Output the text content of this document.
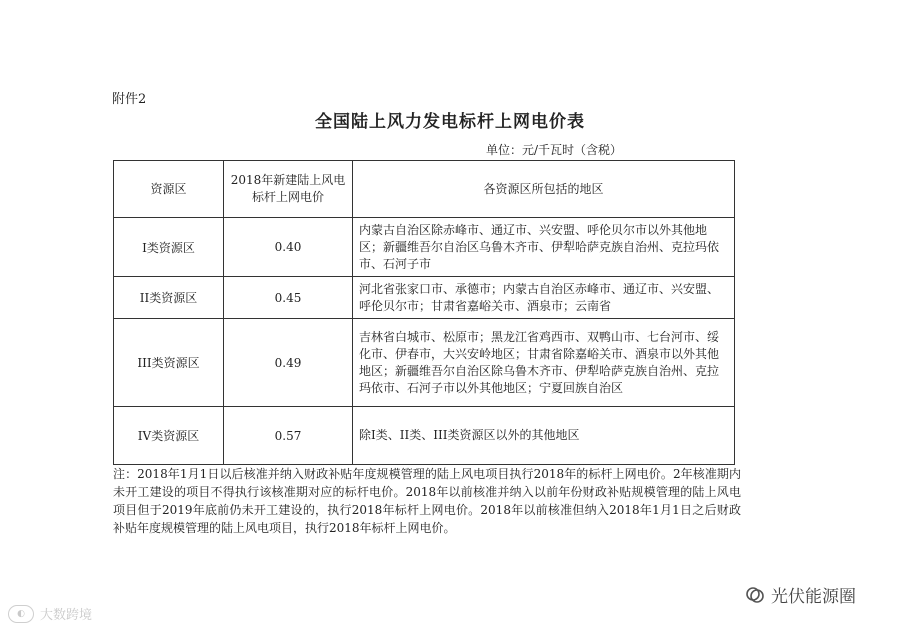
附件2
全国陆上风力发电标杆上网电价表
单位：元/千瓦时（含税）
资源区	2018年新建陆上风电标杆上网电价	各资源区所包括的地区
I类资源区	0.40	内蒙古自治区除赤峰市、通辽市、兴安盟、呼伦贝尔市以外其他地区；新疆维吾尔自治区乌鲁木齐市、伊犁哈萨克族自治州、克拉玛依市、石河子市
II类资源区	0.45	河北省张家口市、承德市；内蒙古自治区赤峰市、通辽市、兴安盟、呼伦贝尔市；甘肃省嘉峪关市、酒泉市；云南省
III类资源区	0.49	吉林省白城市、松原市；黑龙江省鸡西市、双鸭山市、七台河市、绥化市、伊春市，大兴安岭地区；甘肃省除嘉峪关市、酒泉市以外其他地区；新疆维吾尔自治区除乌鲁木齐市、伊犁哈萨克族自治州、克拉玛依市、石河子市以外其他地区；宁夏回族自治区
IV类资源区	0.57	除I类、II类、III类资源区以外的其他地区
注：2018年1月1日以后核准并纳入财政补贴年度规模管理的陆上风电项目执行2018年的标杆上网电价。2年核准期内未开工建设的项目不得执行该核准期对应的标杆电价。2018年以前核准并纳入以前年份财政补贴规模管理的陆上风电项目但于2019年底前仍未开工建设的，执行2018年标杆上网电价。2018年以前核准但纳入2018年1月1日之后财政补贴年度规模管理的陆上风电项目，执行2018年标杆上网电价。
◐	大数跨境
光伏能源圈
